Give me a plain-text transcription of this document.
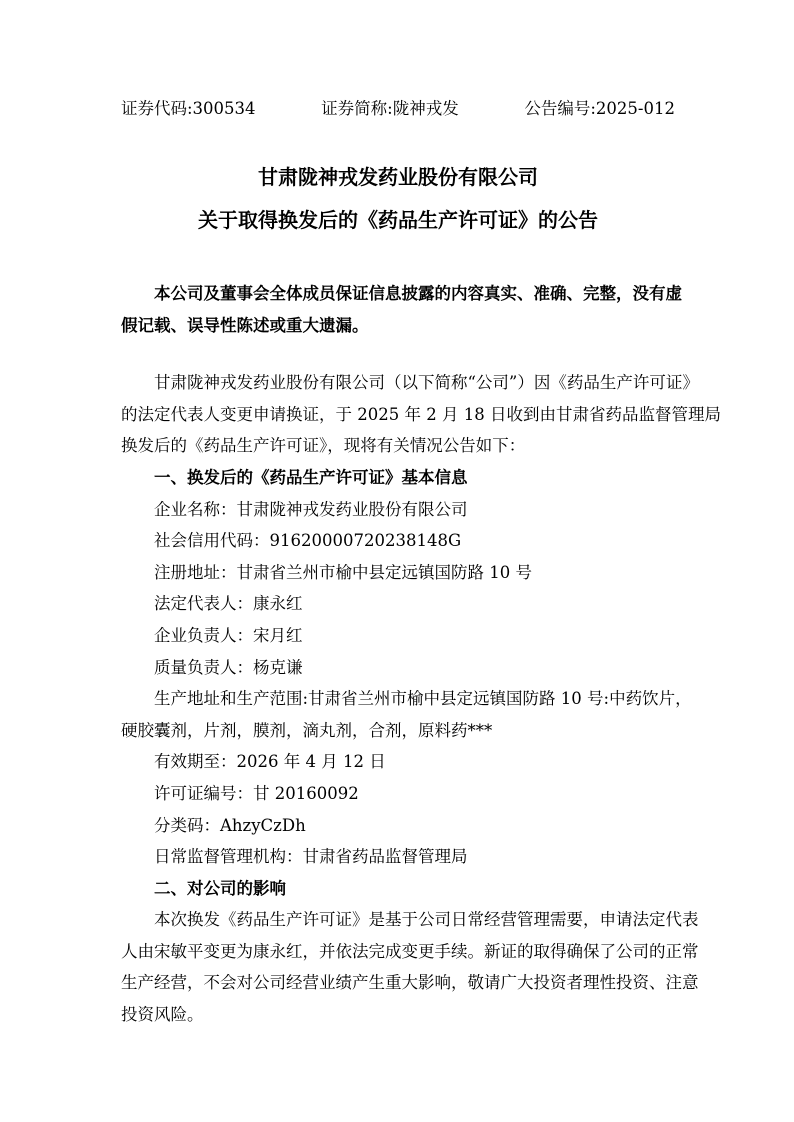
证券代码:300534	证券简称:陇神戎发	公告编号:2025-012
甘肃陇神戎发药业股份有限公司
关于取得换发后的《药品生产许可证》的公告
本公司及董事会全体成员保证信息披露的内容真实、准确、完整，没有虚
假记载、误导性陈述或重大遗漏。
甘肃陇神戎发药业股份有限公司（以下简称“公司”）因《药品生产许可证》
的法定代表人变更申请换证，于 2025 年 2 月 18 日收到由甘肃省药品监督管理局
换发后的《药品生产许可证》，现将有关情况公告如下：
一、换发后的《药品生产许可证》基本信息
企业名称：甘肃陇神戎发药业股份有限公司
社会信用代码：91620000720238148G
注册地址：甘肃省兰州市榆中县定远镇国防路 10 号
法定代表人：康永红
企业负责人：宋月红
质量负责人：杨克谦
生产地址和生产范围:甘肃省兰州市榆中县定远镇国防路 10 号:中药饮片，
硬胶囊剂，片剂，膜剂，滴丸剂，合剂，原料药***
有效期至：2026 年 4 月 12 日
许可证编号：甘 20160092
分类码：AhzyCzDh
日常监督管理机构：甘肃省药品监督管理局
二、对公司的影响
本次换发《药品生产许可证》是基于公司日常经营管理需要，申请法定代表
人由宋敏平变更为康永红，并依法完成变更手续。新证的取得确保了公司的正常
生产经营，不会对公司经营业绩产生重大影响，敬请广大投资者理性投资、注意
投资风险。
